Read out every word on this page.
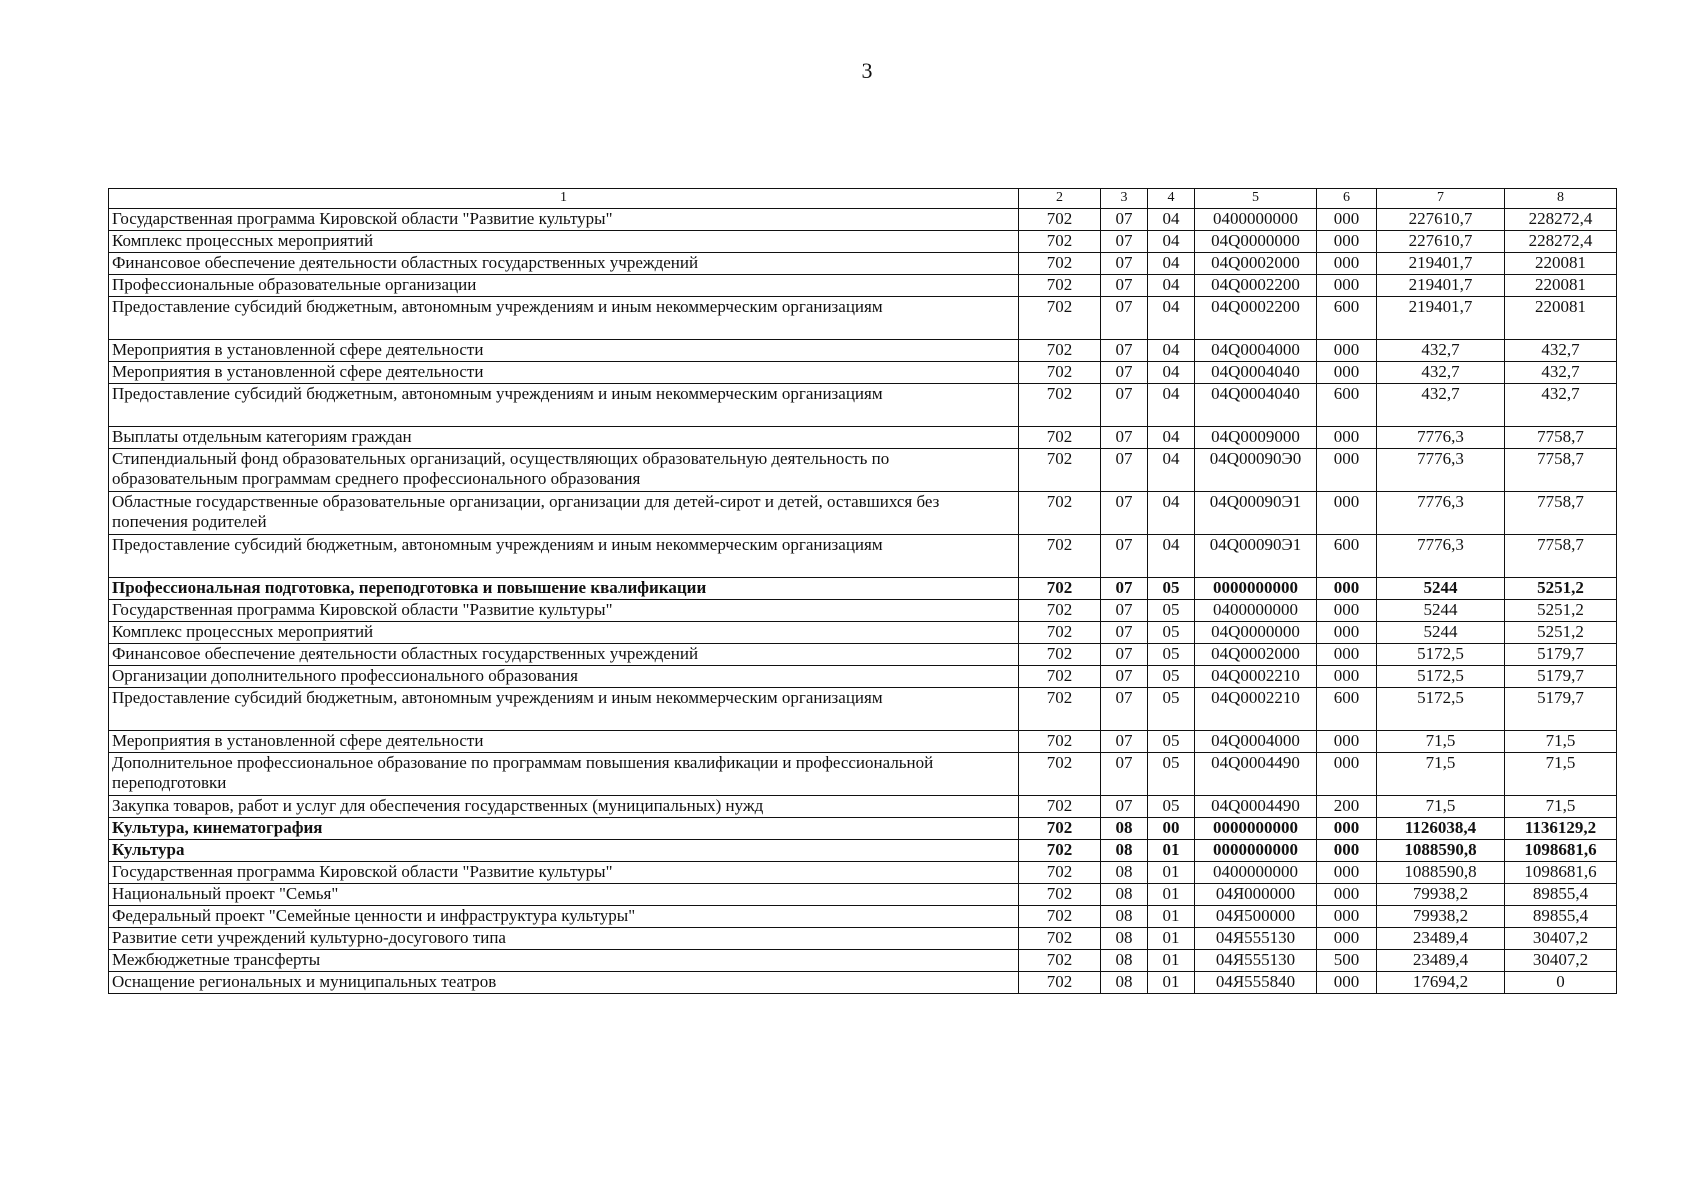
3
1	2	3	4	5	6	7	8
Государственная программа Кировской области "Развитие культуры"	702	07	04	0400000000	000	227610,7	228272,4
Комплекс процессных мероприятий	702	07	04	04Q0000000	000	227610,7	228272,4
Финансовое обеспечение деятельности областных государственных учреждений	702	07	04	04Q0002000	000	219401,7	220081
Профессиональные образовательные организации	702	07	04	04Q0002200	000	219401,7	220081
Предоставление субсидий бюджетным, автономным учреждениям и иным некоммерческим организациям	702	07	04	04Q0002200	600	219401,7	220081
Мероприятия в установленной сфере деятельности	702	07	04	04Q0004000	000	432,7	432,7
Мероприятия в установленной сфере деятельности	702	07	04	04Q0004040	000	432,7	432,7
Предоставление субсидий бюджетным, автономным учреждениям и иным некоммерческим организациям	702	07	04	04Q0004040	600	432,7	432,7
Выплаты отдельным категориям граждан	702	07	04	04Q0009000	000	7776,3	7758,7
Стипендиальный фонд образовательных организаций, осуществляющих образовательную деятельность по образовательным программам среднего профессионального образования	702	07	04	04Q00090Э0	000	7776,3	7758,7
Областные государственные образовательные организации, организации для детей-сирот и детей, оставшихся без попечения родителей	702	07	04	04Q00090Э1	000	7776,3	7758,7
Предоставление субсидий бюджетным, автономным учреждениям и иным некоммерческим организациям	702	07	04	04Q00090Э1	600	7776,3	7758,7
Профессиональная подготовка, переподготовка и повышение квалификации	702	07	05	0000000000	000	5244	5251,2
Государственная программа Кировской области "Развитие культуры"	702	07	05	0400000000	000	5244	5251,2
Комплекс процессных мероприятий	702	07	05	04Q0000000	000	5244	5251,2
Финансовое обеспечение деятельности областных государственных учреждений	702	07	05	04Q0002000	000	5172,5	5179,7
Организации дополнительного профессионального образования	702	07	05	04Q0002210	000	5172,5	5179,7
Предоставление субсидий бюджетным, автономным учреждениям и иным некоммерческим организациям	702	07	05	04Q0002210	600	5172,5	5179,7
Мероприятия в установленной сфере деятельности	702	07	05	04Q0004000	000	71,5	71,5
Дополнительное профессиональное образование по программам повышения квалификации и профессиональной переподготовки	702	07	05	04Q0004490	000	71,5	71,5
Закупка товаров, работ и услуг для обеспечения государственных (муниципальных) нужд	702	07	05	04Q0004490	200	71,5	71,5
Культура, кинематография	702	08	00	0000000000	000	1126038,4	1136129,2
Культура	702	08	01	0000000000	000	1088590,8	1098681,6
Государственная программа Кировской области "Развитие культуры"	702	08	01	0400000000	000	1088590,8	1098681,6
Национальный проект "Семья"	702	08	01	04Я000000	000	79938,2	89855,4
Федеральный проект "Семейные ценности и инфраструктура культуры"	702	08	01	04Я500000	000	79938,2	89855,4
Развитие сети учреждений культурно-досугового типа	702	08	01	04Я555130	000	23489,4	30407,2
Межбюджетные трансферты	702	08	01	04Я555130	500	23489,4	30407,2
Оснащение региональных и муниципальных театров	702	08	01	04Я555840	000	17694,2	0
